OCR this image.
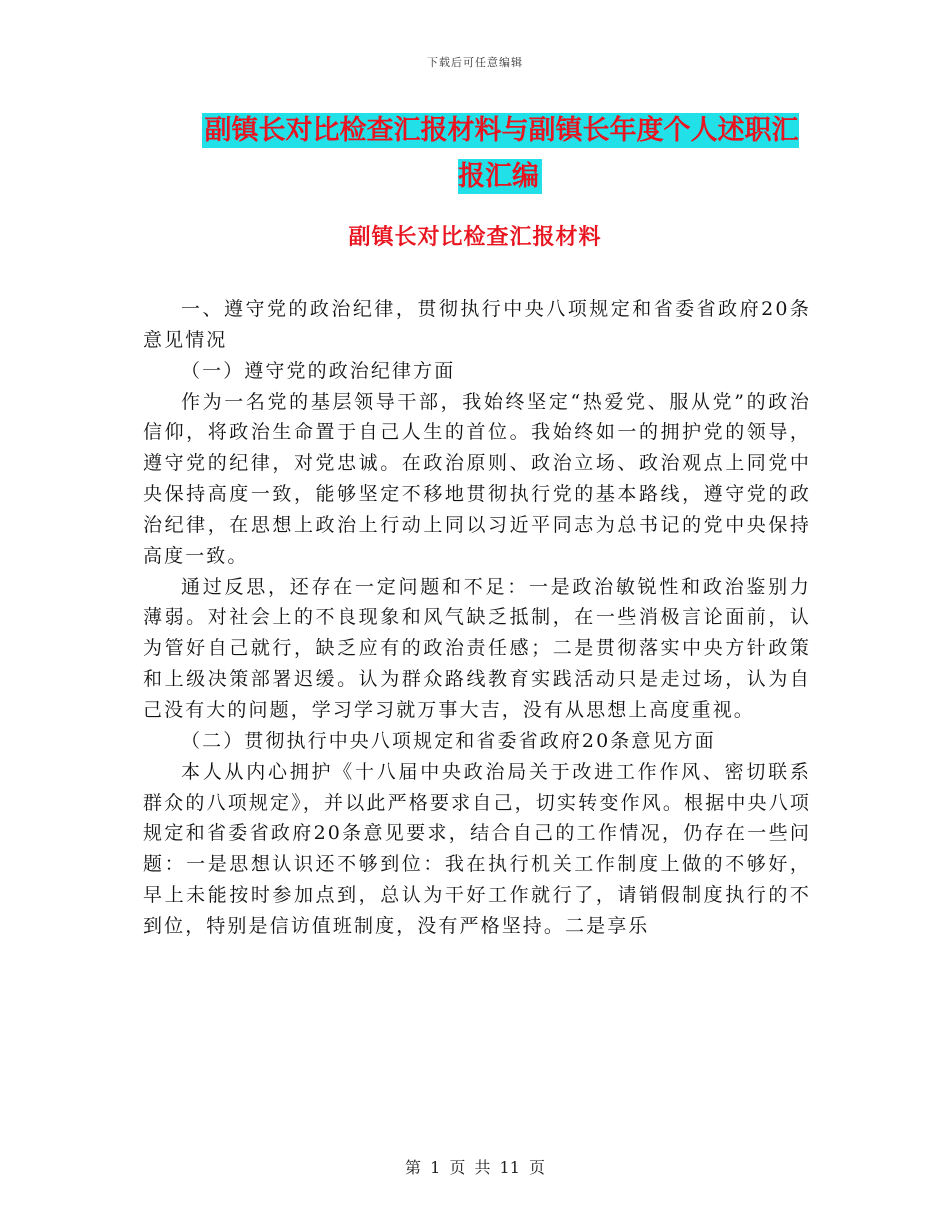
下载后可任意编辑
副镇长对比检查汇报材料与副镇长年度个人述职汇报汇编
副镇长对比检查汇报材料

一、遵守党的政治纪律，贯彻执行中央八项规定和省委省政府20条意见情况

（一）遵守党的政治纪律方面

作为一名党的基层领导干部，我始终坚定“热爱党、服从党”的政治信仰，将政治生命置于自己人生的首位。我始终如一的拥护党的领导，遵守党的纪律，对党忠诚。在政治原则、政治立场、政治观点上同党中央保持高度一致，能够坚定不移地贯彻执行党的基本路线，遵守党的政治纪律，在思想上政治上行动上同以习近平同志为总书记的党中央保持高度一致。

通过反思，还存在一定问题和不足：一是政治敏锐性和政治鉴别力薄弱。对社会上的不良现象和风气缺乏抵制，在一些消极言论面前，认为管好自己就行，缺乏应有的政治责任感；二是贯彻落实中央方针政策和上级决策部署迟缓。认为群众路线教育实践活动只是走过场，认为自己没有大的问题，学习学习就万事大吉，没有从思想上高度重视。

（二）贯彻执行中央八项规定和省委省政府20条意见方面

本人从内心拥护《十八届中央政治局关于改进工作作风、密切联系群众的八项规定》，并以此严格要求自己，切实转变作风。根据中央八项规定和省委省政府20条意见要求，结合自己的工作情况，仍存在一些问题：一是思想认识还不够到位：我在执行机关工作制度上做的不够好，早上未能按时参加点到，总认为干好工作就行了，请销假制度执行的不到位，特别是信访值班制度，没有严格坚持。二是享乐

第 1 页 共 11 页
